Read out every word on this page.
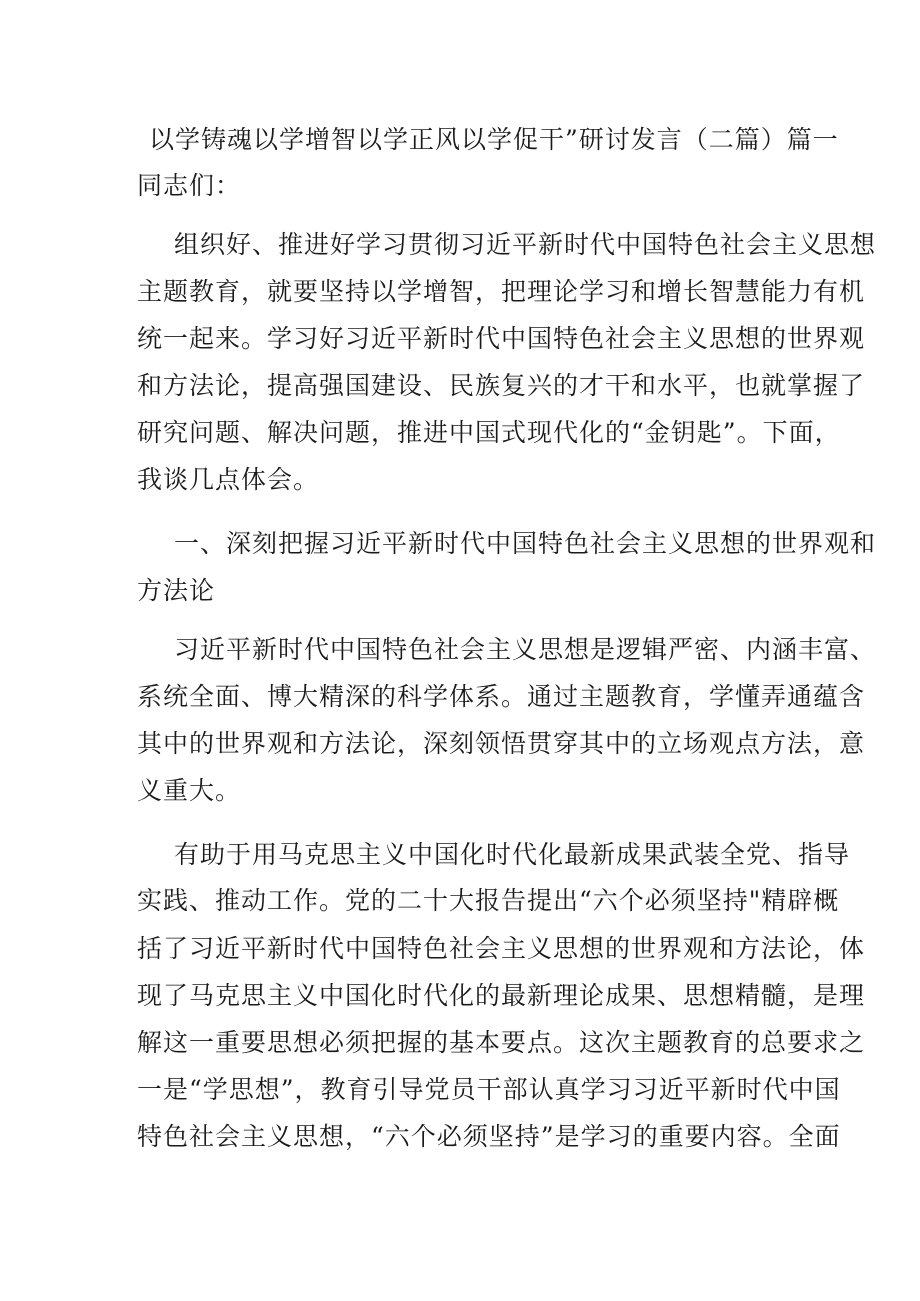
以学铸魂以学增智以学正风以学促干”研讨发言（二篇）篇一
同志们：
组织好、推进好学习贯彻习近平新时代中国特色社会主义思想
主题教育，就要坚持以学增智，把理论学习和增长智慧能力有机
统一起来。学习好习近平新时代中国特色社会主义思想的世界观
和方法论，提高强国建设、民族复兴的才干和水平，也就掌握了
研究问题、解决问题，推进中国式现代化的“金钥匙”。下面，
我谈几点体会。
一、深刻把握习近平新时代中国特色社会主义思想的世界观和
方法论
习近平新时代中国特色社会主义思想是逻辑严密、内涵丰富、
系统全面、博大精深的科学体系。通过主题教育，学懂弄通蕴含
其中的世界观和方法论，深刻领悟贯穿其中的立场观点方法，意
义重大。
有助于用马克思主义中国化时代化最新成果武装全党、指导
实践、推动工作。党的二十大报告提出“六个必须坚持"精辟概
括了习近平新时代中国特色社会主义思想的世界观和方法论，体
现了马克思主义中国化时代化的最新理论成果、思想精髓，是理
解这一重要思想必须把握的基本要点。这次主题教育的总要求之
一是“学思想”，教育引导党员干部认真学习习近平新时代中国
特色社会主义思想，“六个必须坚持”是学习的重要内容。全面
